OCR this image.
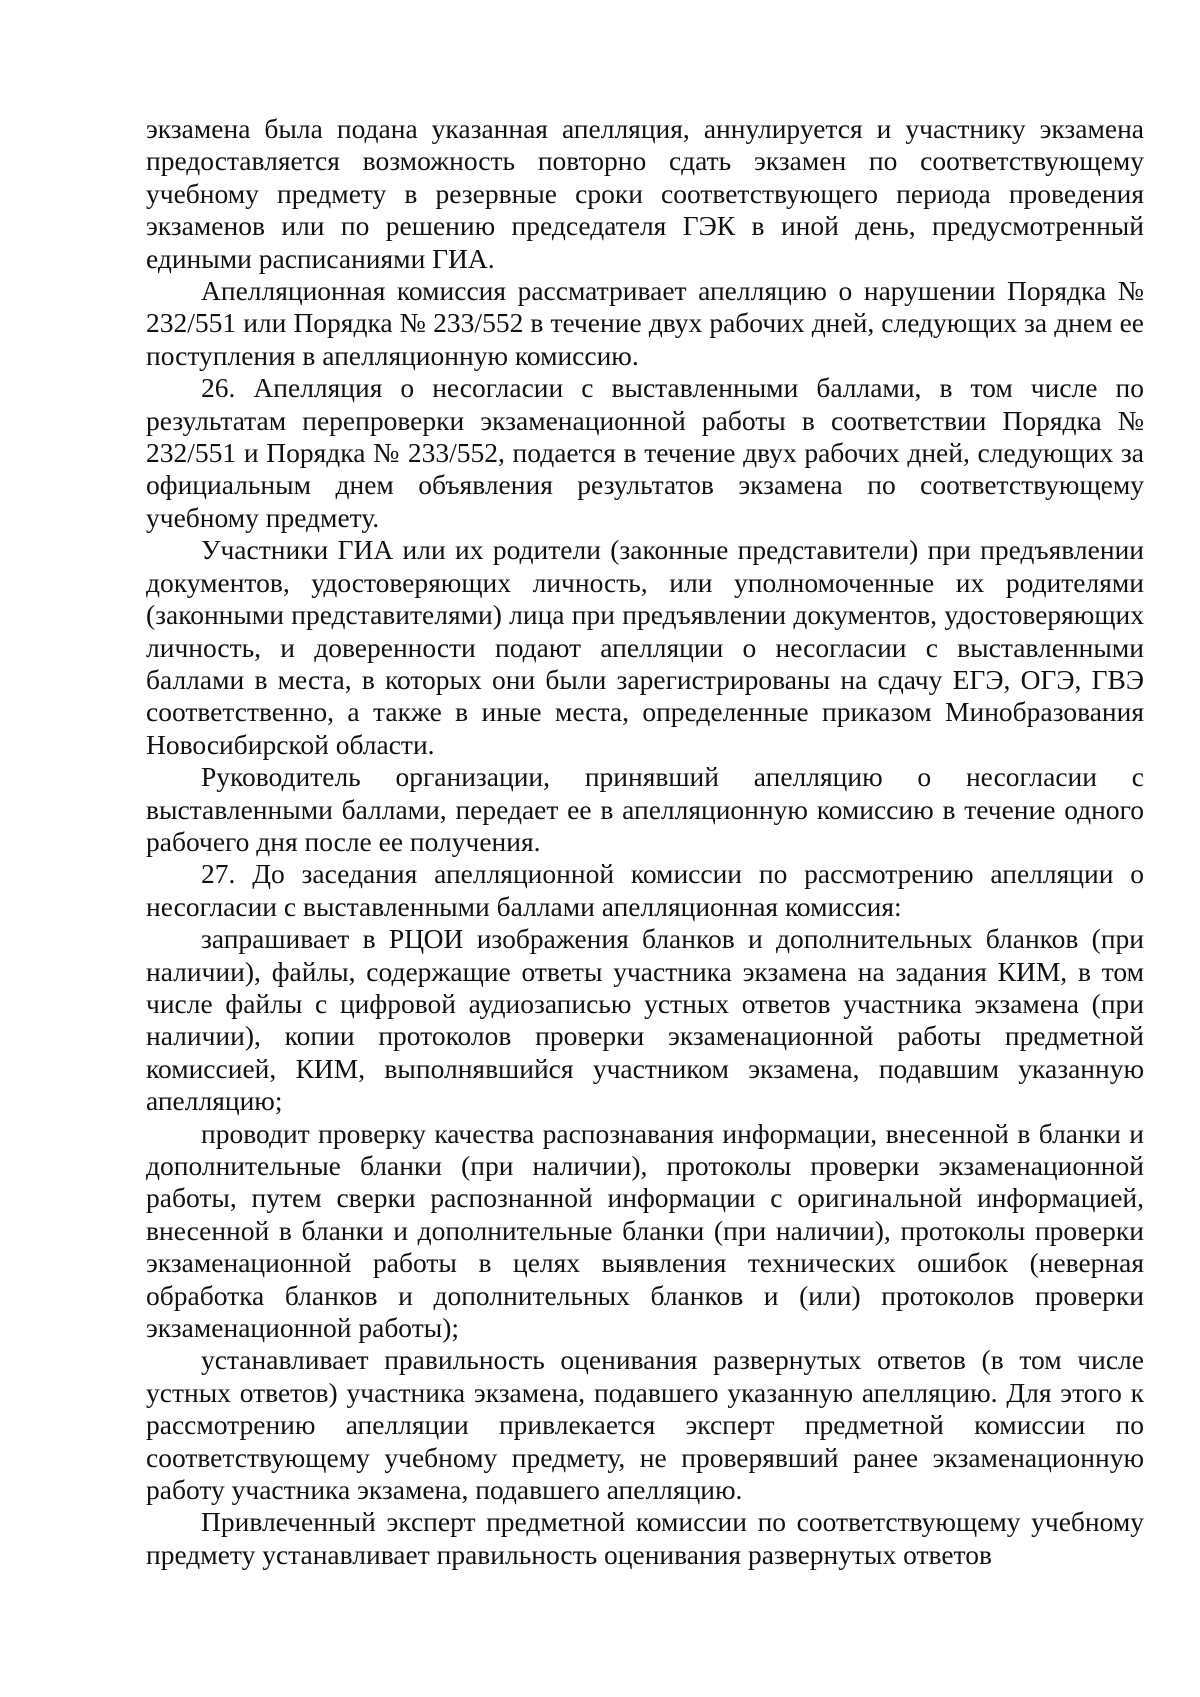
экзамена была подана указанная апелляция, аннулируется и участнику экзамена предоставляется возможность повторно сдать экзамен по соответствующему учебному предмету в резервные сроки соответствующего периода проведения экзаменов или по решению председателя ГЭК в иной день, предусмотренный едиными расписаниями ГИА.

Апелляционная комиссия рассматривает апелляцию о нарушении Порядка № 232/551 или Порядка № 233/552 в течение двух рабочих дней, следующих за днем ее поступления в апелляционную комиссию.

26. Апелляция о несогласии с выставленными баллами, в том числе по результатам перепроверки экзаменационной работы в соответствии Порядка № 232/551 и Порядка № 233/552, подается в течение двух рабочих дней, следующих за официальным днем объявления результатов экзамена по соответствующему учебному предмету.

Участники ГИА или их родители (законные представители) при предъявлении документов, удостоверяющих личность, или уполномоченные их родителями (законными представителями) лица при предъявлении документов, удостоверяющих личность, и доверенности подают апелляции о несогласии с выставленными баллами в места, в которых они были зарегистрированы на сдачу ЕГЭ, ОГЭ, ГВЭ соответственно, а также в иные места, определенные приказом Минобразования Новосибирской области.

Руководитель организации, принявший апелляцию о несогласии с выставленными баллами, передает ее в апелляционную комиссию в течение одного рабочего дня после ее получения.

27. До заседания апелляционной комиссии по рассмотрению апелляции о несогласии с выставленными баллами апелляционная комиссия:

запрашивает в РЦОИ изображения бланков и дополнительных бланков (при наличии), файлы, содержащие ответы участника экзамена на задания КИМ, в том числе файлы с цифровой аудиозаписью устных ответов участника экзамена (при наличии), копии протоколов проверки экзаменационной работы предметной комиссией, КИМ, выполнявшийся участником экзамена, подавшим указанную апелляцию;

проводит проверку качества распознавания информации, внесенной в бланки и дополнительные бланки (при наличии), протоколы проверки экзаменационной работы, путем сверки распознанной информации с оригинальной информацией, внесенной в бланки и дополнительные бланки (при наличии), протоколы проверки экзаменационной работы в целях выявления технических ошибок (неверная обработка бланков и дополнительных бланков и (или) протоколов проверки экзаменационной работы);

устанавливает правильность оценивания развернутых ответов (в том числе устных ответов) участника экзамена, подавшего указанную апелляцию. Для этого к рассмотрению апелляции привлекается эксперт предметной комиссии по соответствующему учебному предмету, не проверявший ранее экзаменационную работу участника экзамена, подавшего апелляцию.

Привлеченный эксперт предметной комиссии по соответствующему учебному предмету устанавливает правильность оценивания развернутых ответов
